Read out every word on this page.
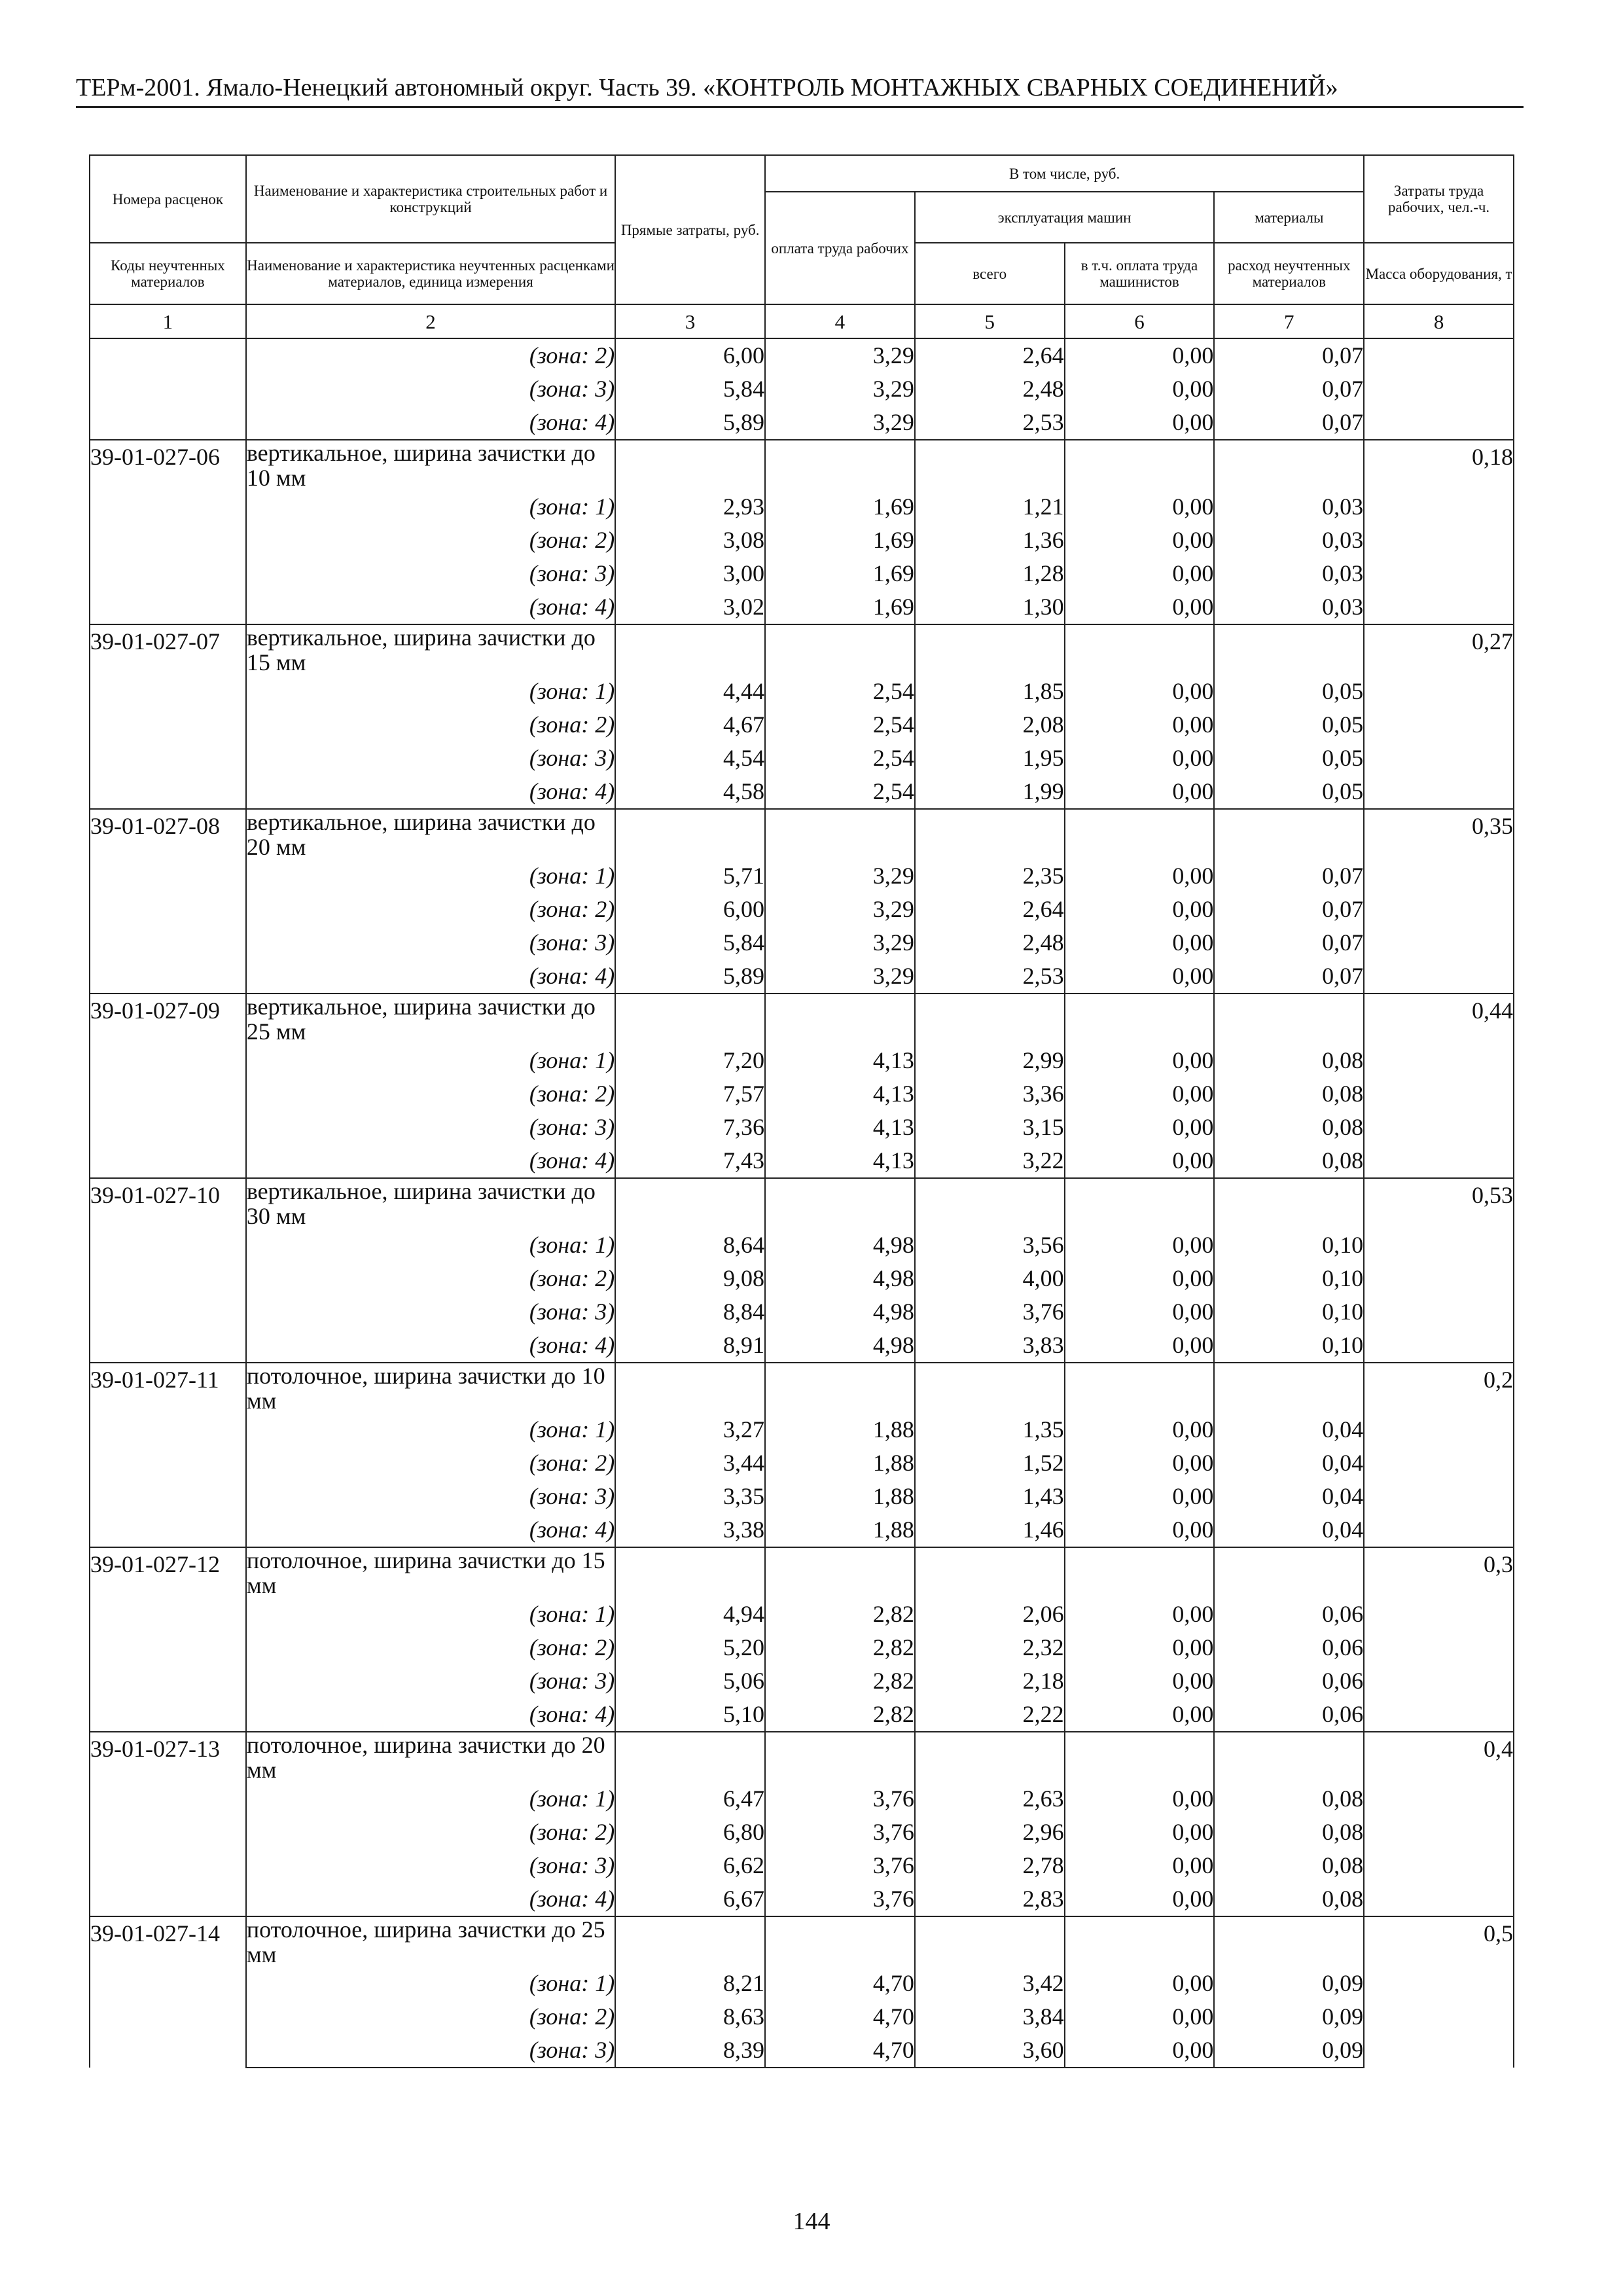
ТЕРм-2001. Ямало-Ненецкий автономный округ. Часть 39. «КОНТРОЛЬ МОНТАЖНЫХ СВАРНЫХ СОЕДИНЕНИЙ»
Номера расценок	Наименование и характеристика строительных работ и конструкций	Прямые затраты, руб.	В том числе, руб.				Затраты труда рабочих, чел.-ч.
			оплата труда рабочих	эксплуатация машин		материалы	
Коды неучтенных материалов	Наименование и характеристика неучтенных расценками материалов, единица измерения			всего	в т.ч. оплата труда машинистов	расход неучтенных материалов	Масса оборудования, т
1	2	3	4	5	6	7	8
	(зона: 2)	6,00	3,29	2,64	0,00	0,07	
	(зона: 3)	5,84	3,29	2,48	0,00	0,07	
	(зона: 4)	5,89	3,29	2,53	0,00	0,07	
39-01-027-06	вертикальное, ширина зачистки до 10 мм						0,18
	(зона: 1)	2,93	1,69	1,21	0,00	0,03	
	(зона: 2)	3,08	1,69	1,36	0,00	0,03	
	(зона: 3)	3,00	1,69	1,28	0,00	0,03	
	(зона: 4)	3,02	1,69	1,30	0,00	0,03	
39-01-027-07	вертикальное, ширина зачистки до 15 мм						0,27
	(зона: 1)	4,44	2,54	1,85	0,00	0,05	
	(зона: 2)	4,67	2,54	2,08	0,00	0,05	
	(зона: 3)	4,54	2,54	1,95	0,00	0,05	
	(зона: 4)	4,58	2,54	1,99	0,00	0,05	
39-01-027-08	вертикальное, ширина зачистки до 20 мм						0,35
	(зона: 1)	5,71	3,29	2,35	0,00	0,07	
	(зона: 2)	6,00	3,29	2,64	0,00	0,07	
	(зона: 3)	5,84	3,29	2,48	0,00	0,07	
	(зона: 4)	5,89	3,29	2,53	0,00	0,07	
39-01-027-09	вертикальное, ширина зачистки до 25 мм						0,44
	(зона: 1)	7,20	4,13	2,99	0,00	0,08	
	(зона: 2)	7,57	4,13	3,36	0,00	0,08	
	(зона: 3)	7,36	4,13	3,15	0,00	0,08	
	(зона: 4)	7,43	4,13	3,22	0,00	0,08	
39-01-027-10	вертикальное, ширина зачистки до 30 мм						0,53
	(зона: 1)	8,64	4,98	3,56	0,00	0,10	
	(зона: 2)	9,08	4,98	4,00	0,00	0,10	
	(зона: 3)	8,84	4,98	3,76	0,00	0,10	
	(зона: 4)	8,91	4,98	3,83	0,00	0,10	
39-01-027-11	потолочное, ширина зачистки до 10 мм						0,2
	(зона: 1)	3,27	1,88	1,35	0,00	0,04	
	(зона: 2)	3,44	1,88	1,52	0,00	0,04	
	(зона: 3)	3,35	1,88	1,43	0,00	0,04	
	(зона: 4)	3,38	1,88	1,46	0,00	0,04	
39-01-027-12	потолочное, ширина зачистки до 15 мм						0,3
	(зона: 1)	4,94	2,82	2,06	0,00	0,06	
	(зона: 2)	5,20	2,82	2,32	0,00	0,06	
	(зона: 3)	5,06	2,82	2,18	0,00	0,06	
	(зона: 4)	5,10	2,82	2,22	0,00	0,06	
39-01-027-13	потолочное, ширина зачистки до 20 мм						0,4
	(зона: 1)	6,47	3,76	2,63	0,00	0,08	
	(зона: 2)	6,80	3,76	2,96	0,00	0,08	
	(зона: 3)	6,62	3,76	2,78	0,00	0,08	
	(зона: 4)	6,67	3,76	2,83	0,00	0,08	
39-01-027-14	потолочное, ширина зачистки до 25 мм						0,5
	(зона: 1)	8,21	4,70	3,42	0,00	0,09	
	(зона: 2)	8,63	4,70	3,84	0,00	0,09	
	(зона: 3)	8,39	4,70	3,60	0,00	0,09	
144
